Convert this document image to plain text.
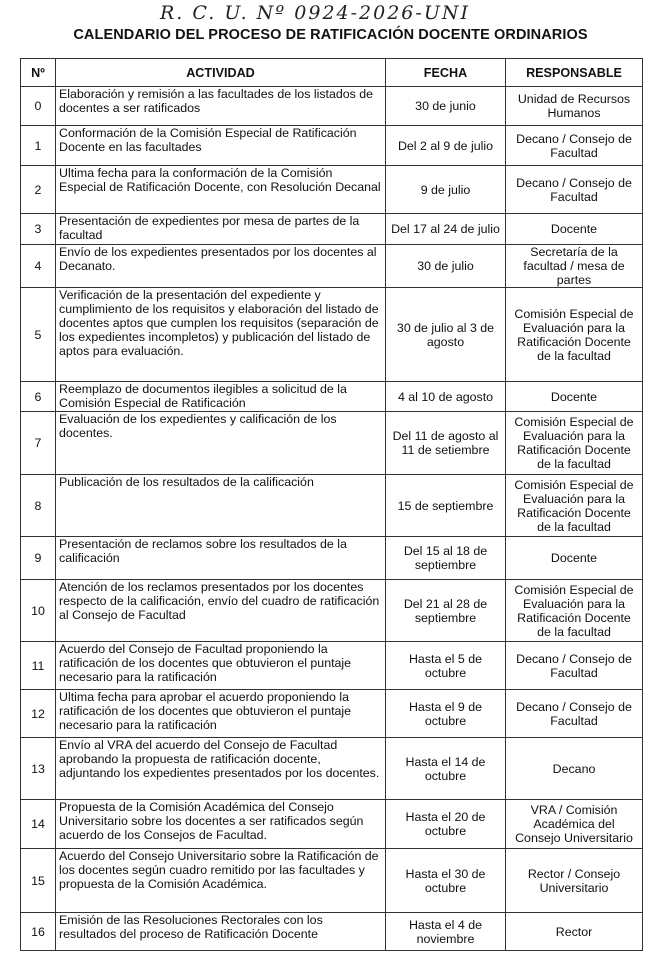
R. C. U. Nº 0924-2026-UNI
CALENDARIO DEL PROCESO DE RATIFICACIÓN DOCENTE ORDINARIOS
Nº	ACTIVIDAD	FECHA	RESPONSABLE
0	Elaboración y remisión a las facultades de los listados de docentes a ser ratificados	30 de junio	Unidad de Recursos Humanos
1	Conformación de la Comisión Especial de Ratificación Docente en las facultades	Del 2 al 9 de julio	Decano / Consejo de Facultad
2	Ultima fecha para la conformación de la Comisión Especial de Ratificación Docente, con Resolución Decanal	9 de julio	Decano / Consejo de Facultad
3	Presentación de expedientes por mesa de partes de la facultad	Del 17 al 24 de julio	Docente
4	Envío de los expedientes presentados por los docentes al Decanato.	30 de julio	Secretaría de la facultad / mesa de partes
5	Verificación de la presentación del expediente y cumplimiento de los requisitos y elaboración del listado de docentes aptos que cumplen los requisitos (separación de los expedientes incompletos) y publicación del listado de aptos para evaluación.	30 de julio al 3 de agosto	Comisión Especial de Evaluación para la Ratificación Docente de la facultad
6	Reemplazo de documentos ilegibles a solicitud de la Comisión Especial de Ratificación	4 al 10 de agosto	Docente
7	Evaluación de los expedientes y calificación de los docentes.	Del 11 de agosto al 11 de setiembre	Comisión Especial de Evaluación para la Ratificación Docente de la facultad
8	Publicación de los resultados de la calificación	15 de septiembre	Comisión Especial de Evaluación para la Ratificación Docente de la facultad
9	Presentación de reclamos sobre los resultados de la calificación	Del 15 al 18 de septiembre	Docente
10	Atención de los reclamos presentados por los docentes respecto de la calificación, envío del cuadro de ratificación al Consejo de Facultad	Del 21 al 28 de septiembre	Comisión Especial de Evaluación para la Ratificación Docente de la facultad
11	Acuerdo del Consejo de Facultad proponiendo la ratificación de los docentes que obtuvieron el puntaje necesario para la ratificación	Hasta el 5 de octubre	Decano / Consejo de Facultad
12	Ultima fecha para aprobar el acuerdo proponiendo la ratificación de los docentes que obtuvieron el puntaje necesario para la ratificación	Hasta el 9 de octubre	Decano / Consejo de Facultad
13	Envío al VRA del acuerdo del Consejo de Facultad aprobando la propuesta de ratificación docente, adjuntando los expedientes presentados por los docentes.	Hasta el 14 de octubre	Decano
14	Propuesta de la Comisión Académica del Consejo Universitario sobre los docentes a ser ratificados según acuerdo de los Consejos de Facultad.	Hasta el 20 de octubre	VRA / Comisión Académica del Consejo Universitario
15	Acuerdo del Consejo Universitario sobre la Ratificación de los docentes según cuadro remitido por las facultades y propuesta de la Comisión Académica.	Hasta el 30 de octubre	Rector / Consejo Universitario
16	Emisión de las Resoluciones Rectorales con los resultados del proceso de Ratificación Docente	Hasta el 4 de noviembre	Rector
